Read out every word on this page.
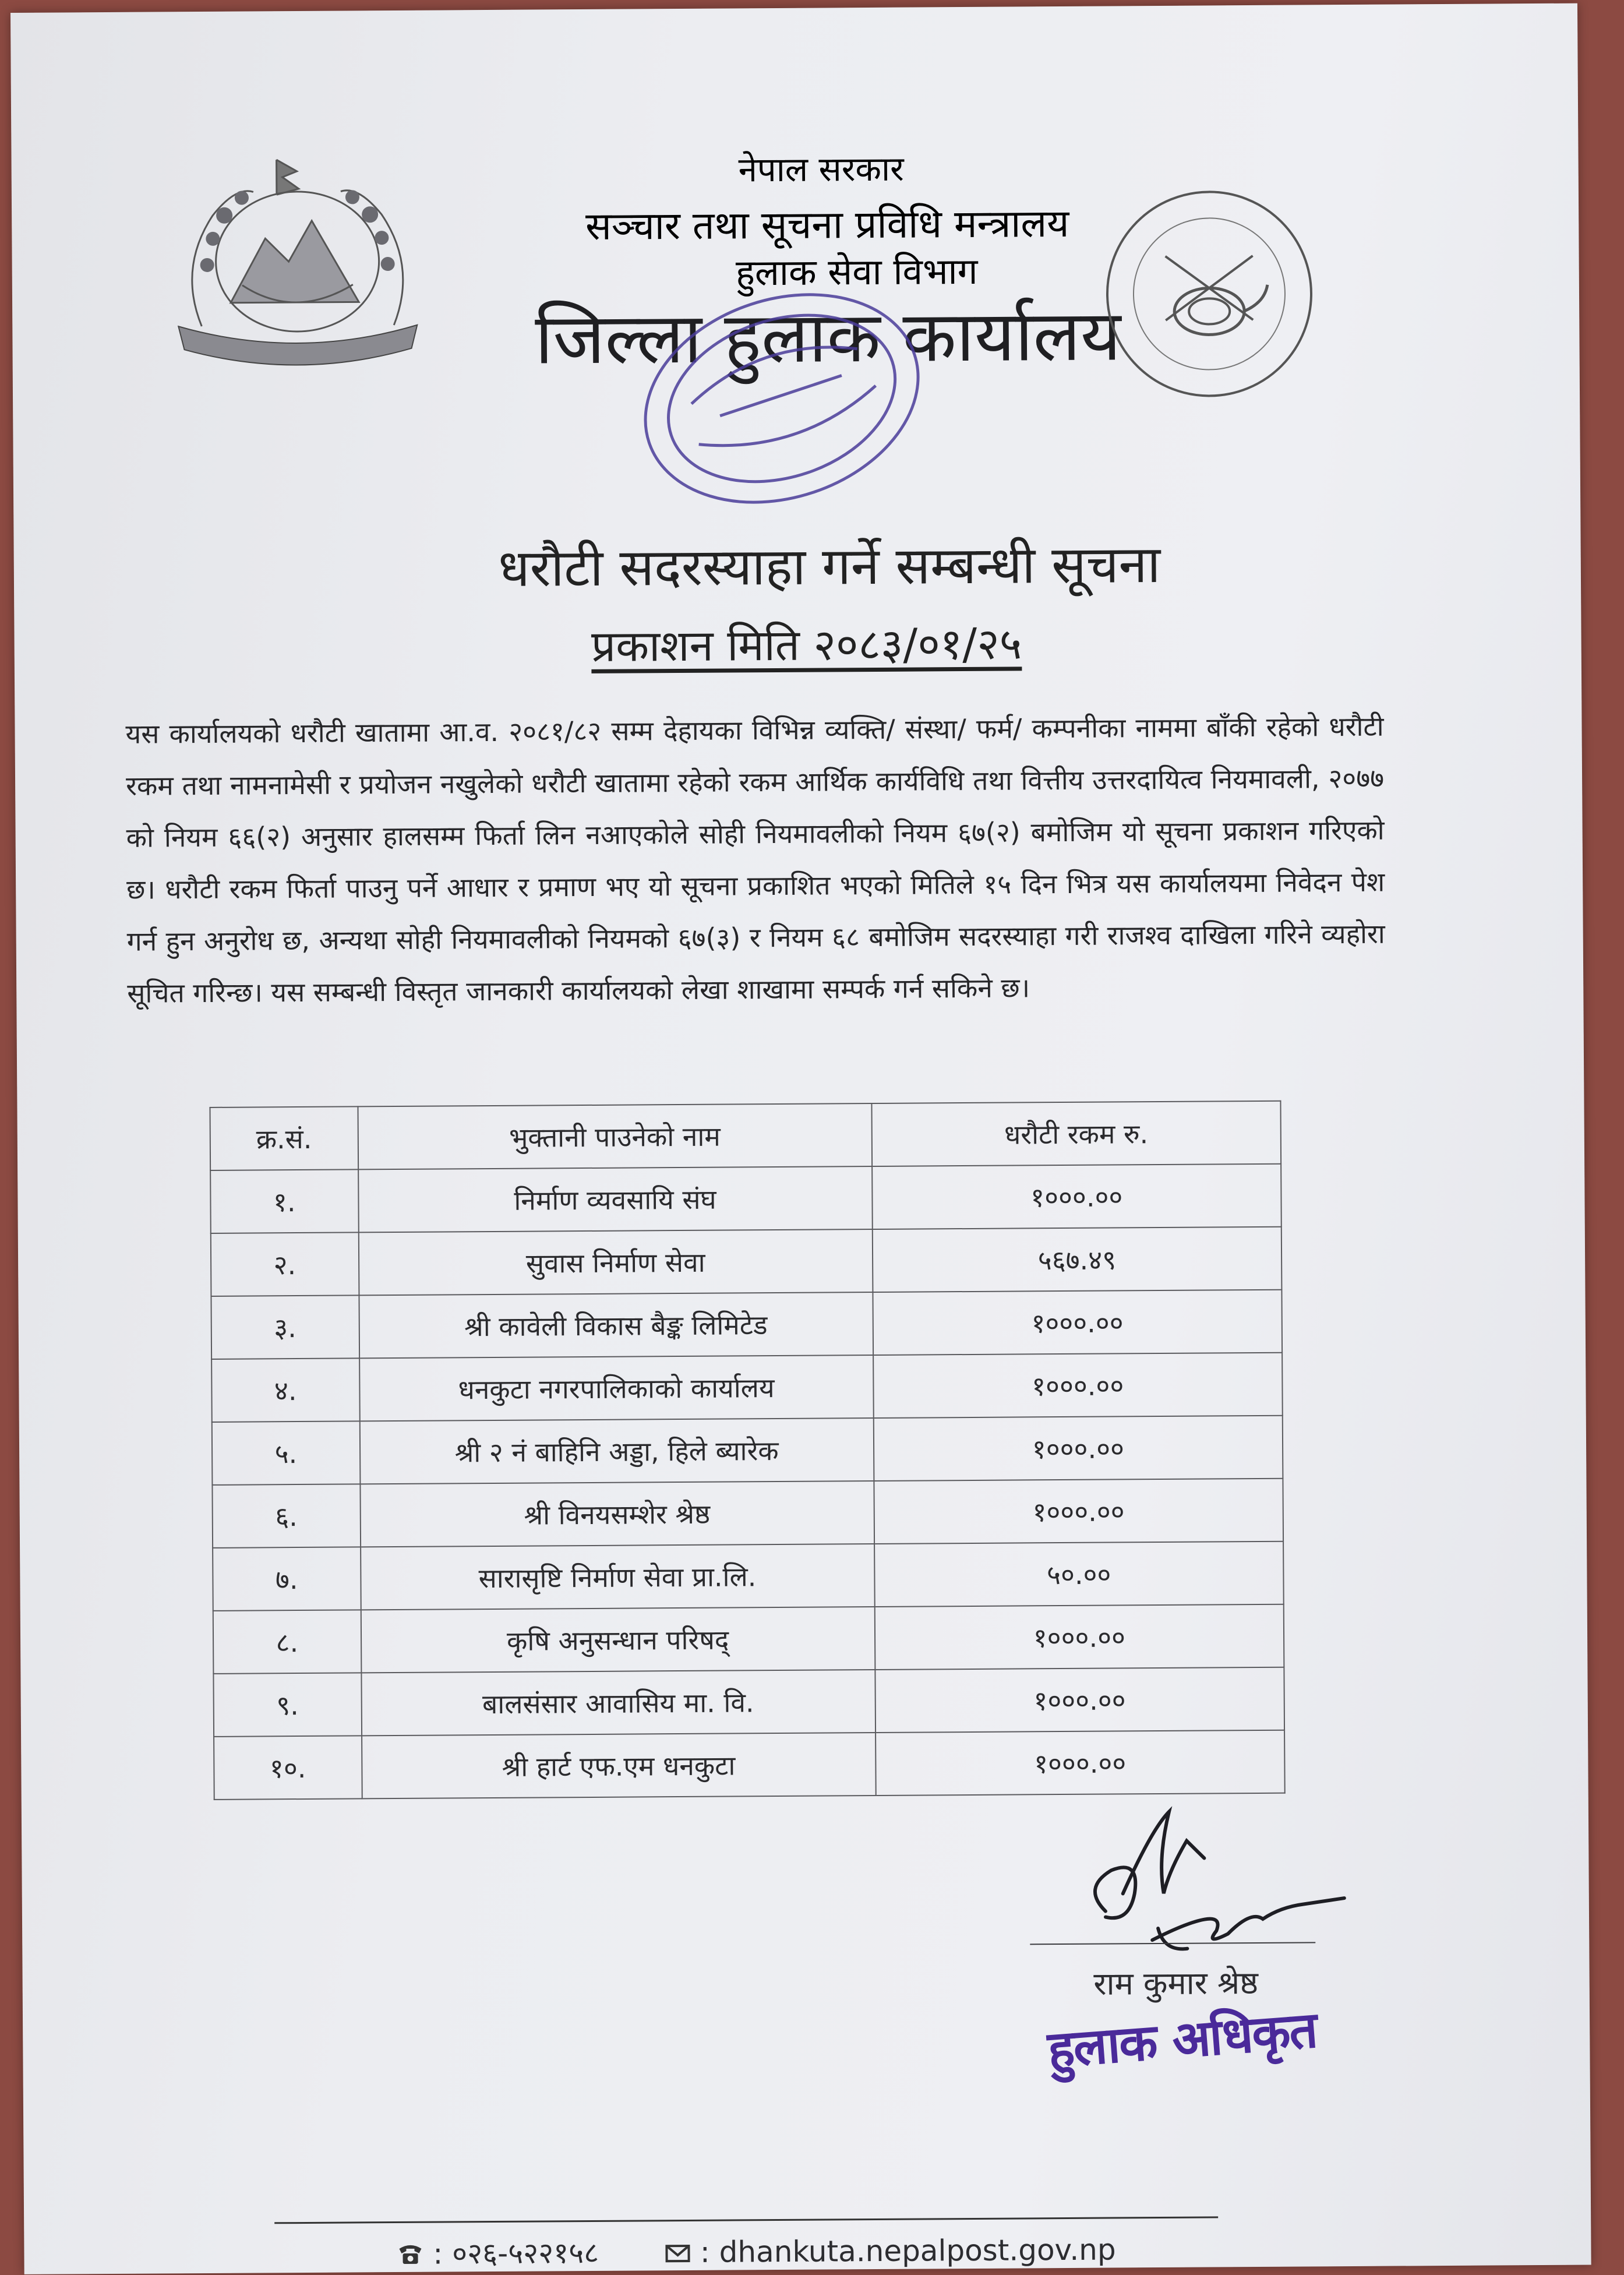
नेपाल सरकार
सञ्चार तथा सूचना प्रविधि मन्त्रालय
हुलाक सेवा विभाग
जिल्ला हुलाक कार्यालय
धरौटी सदरस्याहा गर्ने सम्बन्धी सूचना
प्रकाशन मिति २०८३/०१/२५
यस कार्यालयको धरौटी खातामा आ.व. २०८१/८२ सम्म देहायका विभिन्न व्यक्ति/ संस्था/ फर्म/ कम्पनीका नाममा बाँकी रहेको धरौटी रकम तथा नामनामेसी र प्रयोजन नखुलेको धरौटी खातामा रहेको रकम आर्थिक कार्यविधि तथा वित्तीय उत्तरदायित्व नियमावली, २०७७ को नियम ६६(२) अनुसार हालसम्म फिर्ता लिन नआएकोले सोही नियमावलीको नियम ६७(२) बमोजिम यो सूचना प्रकाशन गरिएको छ। धरौटी रकम फिर्ता पाउनु पर्ने आधार र प्रमाण भए यो सूचना प्रकाशित भएको मितिले १५ दिन भित्र यस कार्यालयमा निवेदन पेश गर्न हुन अनुरोध छ, अन्यथा सोही नियमावलीको नियमको ६७(३) र नियम ६८ बमोजिम सदरस्याहा गरी राजश्व दाखिला गरिने व्यहोरा सूचित गरिन्छ। यस सम्बन्धी विस्तृत जानकारी कार्यालयको लेखा शाखामा सम्पर्क गर्न सकिने छ।
क्र.सं.	भुक्तानी पाउनेको नाम	धरौटी रकम रु.
१.	निर्माण व्यवसायि संघ	१०००.००
२.	सुवास निर्माण सेवा	५६७.४९
३.	श्री कावेली विकास बैङ्क लिमिटेड	१०००.००
४.	धनकुटा नगरपालिकाको कार्यालय	१०००.००
५.	श्री २ नं बाहिनि अड्डा, हिले ब्यारेक	१०००.००
६.	श्री विनयसम्शेर श्रेष्ठ	१०००.००
७.	सारासृष्टि निर्माण सेवा प्रा.लि.	५०.००
८.	कृषि अनुसन्धान परिषद्	१०००.००
९.	बालसंसार आवासिय मा. वि.	१०००.००
१०.	श्री हार्ट एफ.एम धनकुटा	१०००.००
राम कुमार श्रेष्ठ
हुलाक अधिकृत
: ०२६-५२२१५८	: dhankuta.nepalpost.gov.np
